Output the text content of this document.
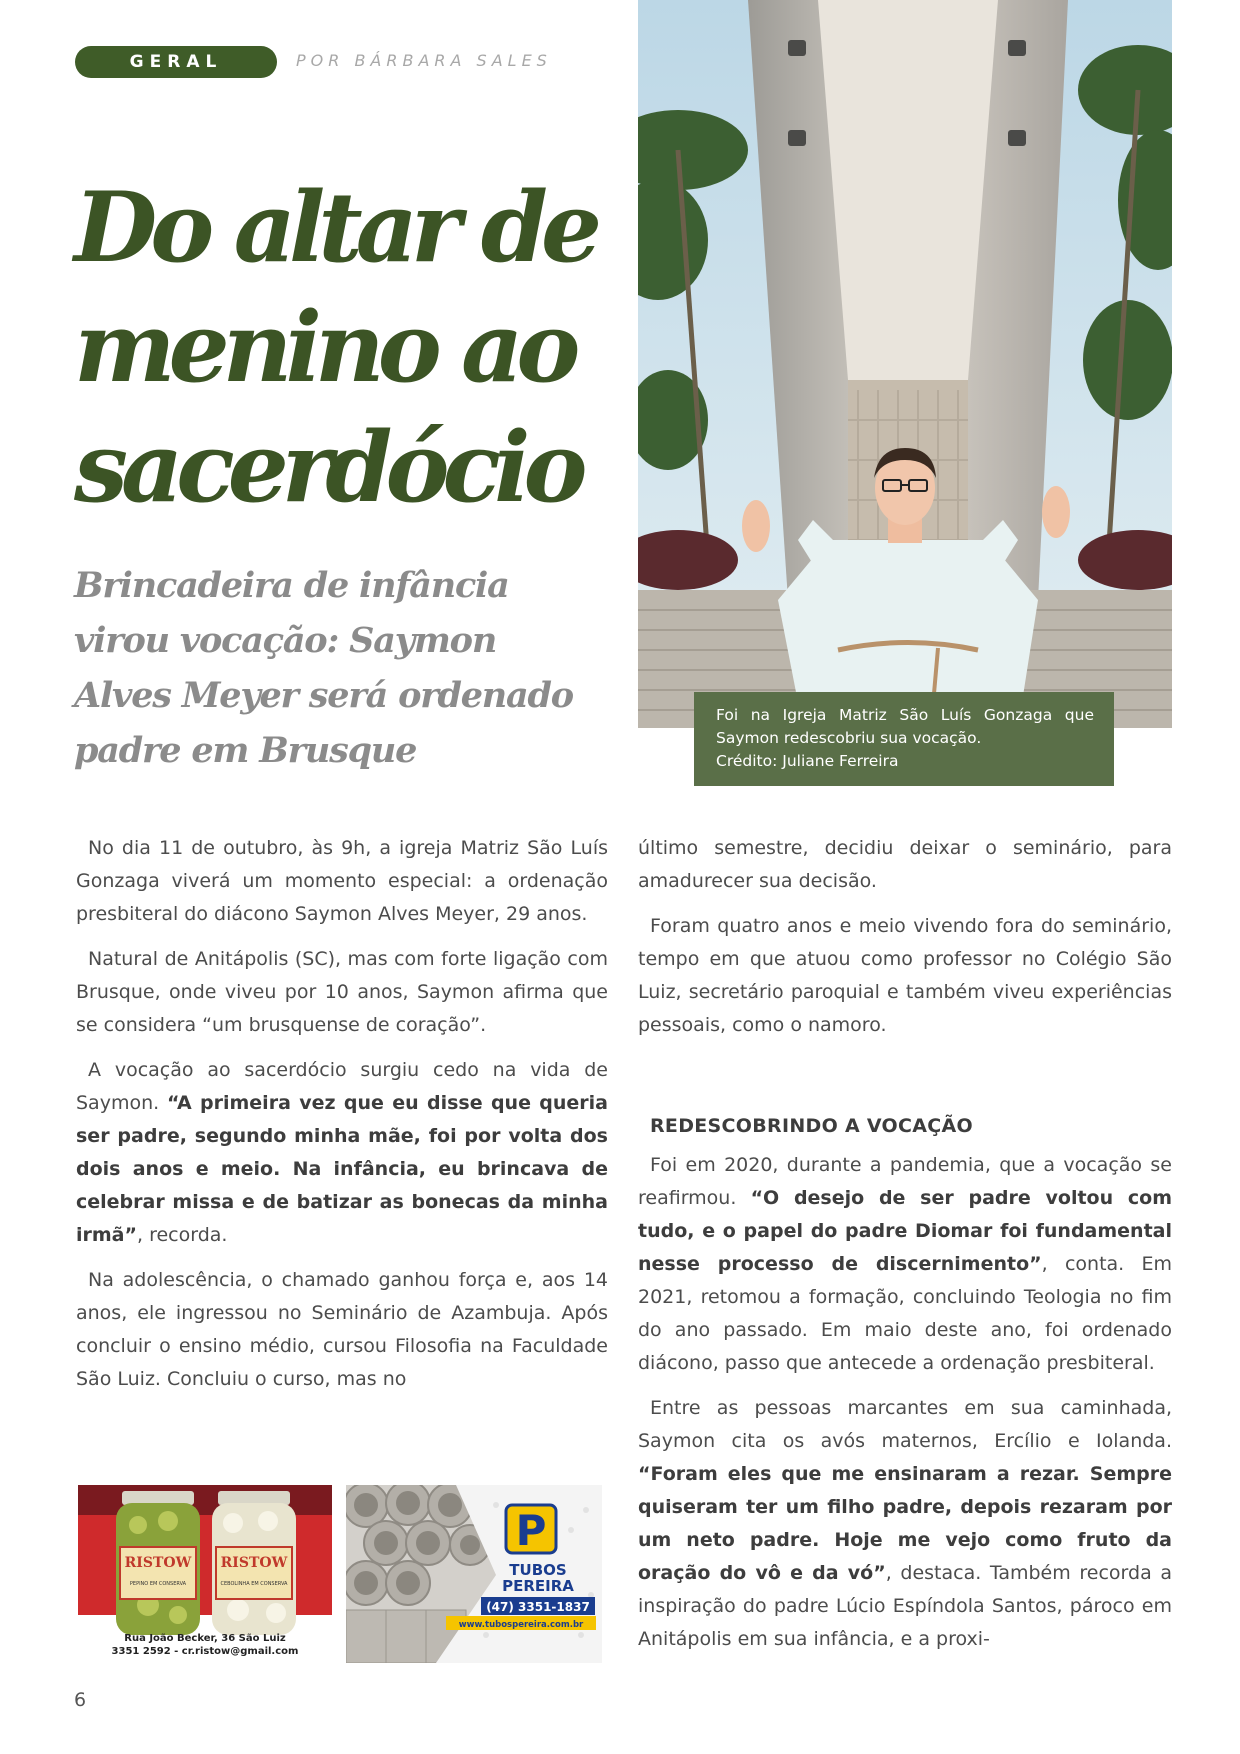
GERAL	POR BÁRBARA SALES
Do altar de
menino ao
sacerdócio
Brincadeira de infância
virou vocação: Saymon
Alves Meyer será ordenado
padre em Brusque

Foi na Igreja Matriz São Luís Gonzaga que Saymon redescobriu sua vocação.

Crédito: Juliane Ferreira

No dia 11 de outubro, às 9h, a igreja Matriz São Luís Gonzaga viverá um momento especial: a ordenação presbiteral do diácono Saymon Alves Meyer, 29 anos.

Natural de Anitápolis (SC), mas com forte ligação com Brusque, onde viveu por 10 anos, Saymon afirma que se considera “um brusquense de coração”.

A vocação ao sacerdócio surgiu cedo na vida de Saymon. “A primeira vez que eu disse que queria ser padre, segundo minha mãe, foi por volta dos dois anos e meio. Na infância, eu brincava de celebrar missa e de batizar as bonecas da minha irmã”, recorda.

Na adolescência, o chamado ganhou força e, aos 14 anos, ele ingressou no Seminário de Azambuja. Após concluir o ensino médio, cursou Filosofia na Faculdade São Luiz. Concluiu o curso, mas no

último semestre, decidiu deixar o seminário, para amadurecer sua decisão.

Foram quatro anos e meio vivendo fora do seminário, tempo em que atuou como professor no Colégio São Luiz, secretário paroquial e também viveu experiências pessoais, como o namoro.

REDESCOBRINDO A VOCAÇÃO

Foi em 2020, durante a pandemia, que a vocação se reafirmou. “O desejo de ser padre voltou com tudo, e o papel do padre Diomar foi fundamental nesse processo de discernimento”, conta. Em 2021, retomou a formação, concluindo Teologia no fim do ano passado. Em maio deste ano, foi ordenado diácono, passo que antecede a ordenação presbiteral.

Entre as pessoas marcantes em sua caminhada, Saymon cita os avós maternos, Ercílio e Iolanda. “Foram eles que me ensinaram a rezar. Sempre quiseram ter um filho padre, depois rezaram por um neto padre. Hoje me vejo como fruto da oração do vô e da vó”, destaca. Também recorda a inspiração do padre Lúcio Espíndola Santos, pároco em Anitápolis em sua infância, e a proxi-

RISTOW
PEPINO EM CONSERVA
RISTOW
CEBOLINHA EM CONSERVA
Rua João Becker, 36 São Luiz
3351 2592 - cr.ristow@gmail.com
P
TUBOS
PEREIRA
(47) 3351-1837
www.tubospereira.com.br
6
